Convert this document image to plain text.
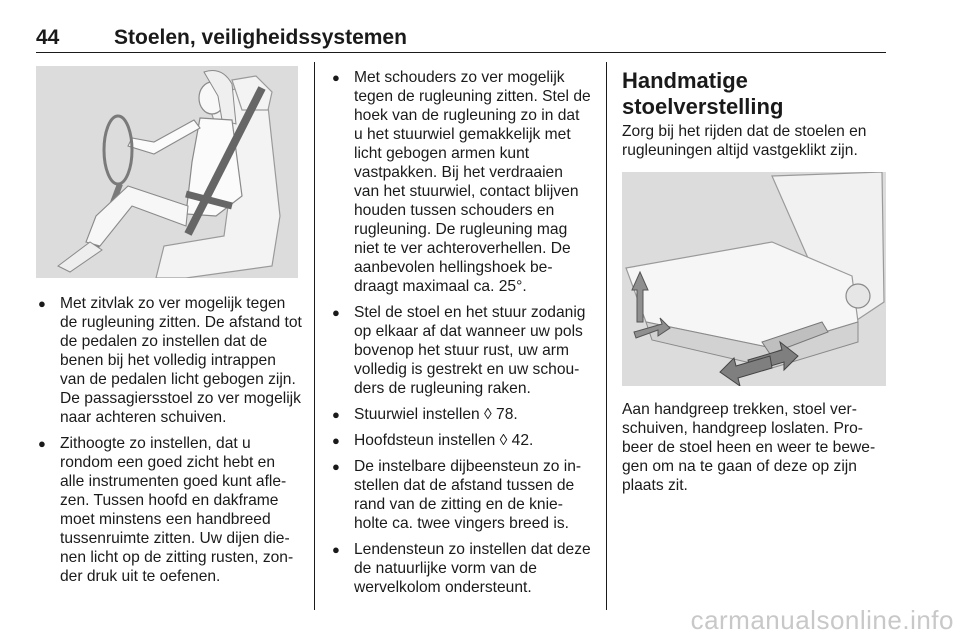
44	Stoelen, veiligheidssystemen
● Met zitvlak zo ver mogelijk tegen de rugleuning zitten. De afstand tot de pedalen zo instellen dat de benen bij het volledig intrappen van de pedalen licht gebogen zijn. De passagiersstoel zo ver mogelijk naar achteren schuiven.
● Zithoogte zo instellen, dat u rondom een goed zicht hebt en alle instrumenten goed kunt afle-zen. Tussen hoofd en dakframe moet minstens een handbreed tussenruimte zitten. Uw dijen die-nen licht op de zitting rusten, zon-der druk uit te oefenen.
● Met schouders zo ver mogelijk tegen de rugleuning zitten. Stel de hoek van de rugleuning zo in dat u het stuurwiel gemakkelijk met licht gebogen armen kunt vastpakken. Bij het verdraaien van het stuurwiel, contact blijven houden tussen schouders en rugleuning. De rugleuning mag niet te ver achteroverhellen. De aanbevolen hellingshoek be-draagt maximaal ca. 25°.
● Stel de stoel en het stuur zodanig op elkaar af dat wanneer uw pols bovenop het stuur rust, uw arm volledig is gestrekt en uw schou-ders de rugleuning raken.
● Stuurwiel instellen ◊ 78.
● Hoofdsteun instellen ◊ 42.
● De instelbare dijbeensteun zo in-stellen dat de afstand tussen de rand van de zitting en de knie-holte ca. twee vingers breed is.
● Lendensteun zo instellen dat deze de natuurlijke vorm van de wervelkolom ondersteunt.
Handmatige stoelverstelling
Zorg bij het rijden dat de stoelen en rugleuningen altijd vastgeklikt zijn.
Aan handgreep trekken, stoel ver-schuiven, handgreep loslaten. Pro-beer de stoel heen en weer te bewe-gen om na te gaan of deze op zijn plaats zit.
carmanualsonline.info
